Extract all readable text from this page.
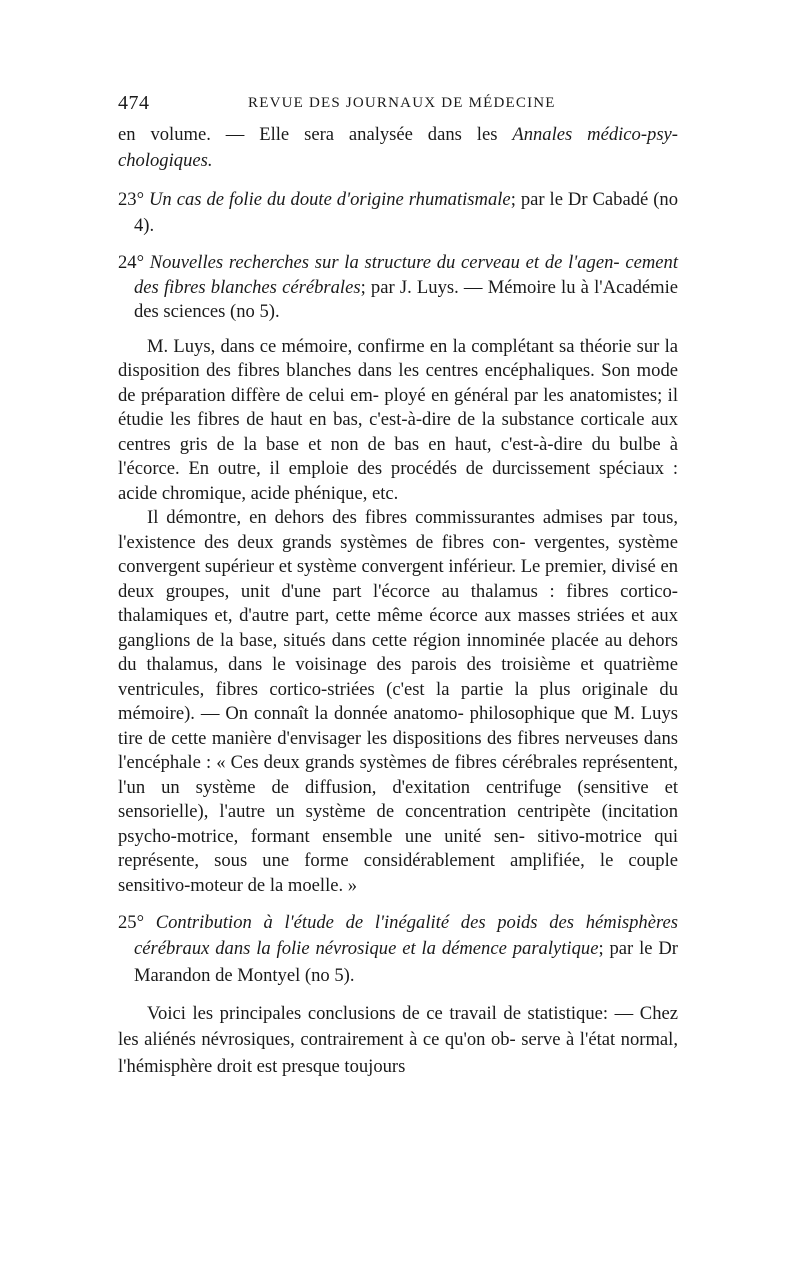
474	REVUE DES JOURNAUX DE MÉDECINE

en volume. — Elle sera analysée dans les Annales médico-psy- chologiques.

23° Un cas de folie du doute d'origine rhumatismale; par le Dr Cabadé (no 4).

24° Nouvelles recherches sur la structure du cerveau et de l'agen- cement des fibres blanches cérébrales; par J. Luys. — Mémoire lu à l'Académie des sciences (no 5).

M. Luys, dans ce mémoire, confirme en la complétant sa théorie sur la disposition des fibres blanches dans les centres encéphaliques. Son mode de préparation diffère de celui em- ployé en général par les anatomistes; il étudie les fibres de haut en bas, c'est-à-dire de la substance corticale aux centres gris de la base et non de bas en haut, c'est-à-dire du bulbe à l'écorce. En outre, il emploie des procédés de durcissement spéciaux : acide chromique, acide phénique, etc.

Il démontre, en dehors des fibres commissurantes admises par tous, l'existence des deux grands systèmes de fibres con- vergentes, système convergent supérieur et système convergent inférieur. Le premier, divisé en deux groupes, unit d'une part l'écorce au thalamus : fibres cortico-thalamiques et, d'autre part, cette même écorce aux masses striées et aux ganglions de la base, situés dans cette région innominée placée au dehors du thalamus, dans le voisinage des parois des troisième et quatrième ventricules, fibres cortico-striées (c'est la partie la plus originale du mémoire). — On connaît la donnée anatomo- philosophique que M. Luys tire de cette manière d'envisager les dispositions des fibres nerveuses dans l'encéphale : « Ces deux grands systèmes de fibres cérébrales représentent, l'un un système de diffusion, d'exitation centrifuge (sensitive et sensorielle), l'autre un système de concentration centripète (incitation psycho-motrice, formant ensemble une unité sen- sitivo-motrice qui représente, sous une forme considérablement amplifiée, le couple sensitivo-moteur de la moelle. »

25° Contribution à l'étude de l'inégalité des poids des hémisphères cérébraux dans la folie névrosique et la démence paralytique; par le Dr Marandon de Montyel (no 5).

Voici les principales conclusions de ce travail de statistique: — Chez les aliénés névrosiques, contrairement à ce qu'on ob- serve à l'état normal, l'hémisphère droit est presque toujours
